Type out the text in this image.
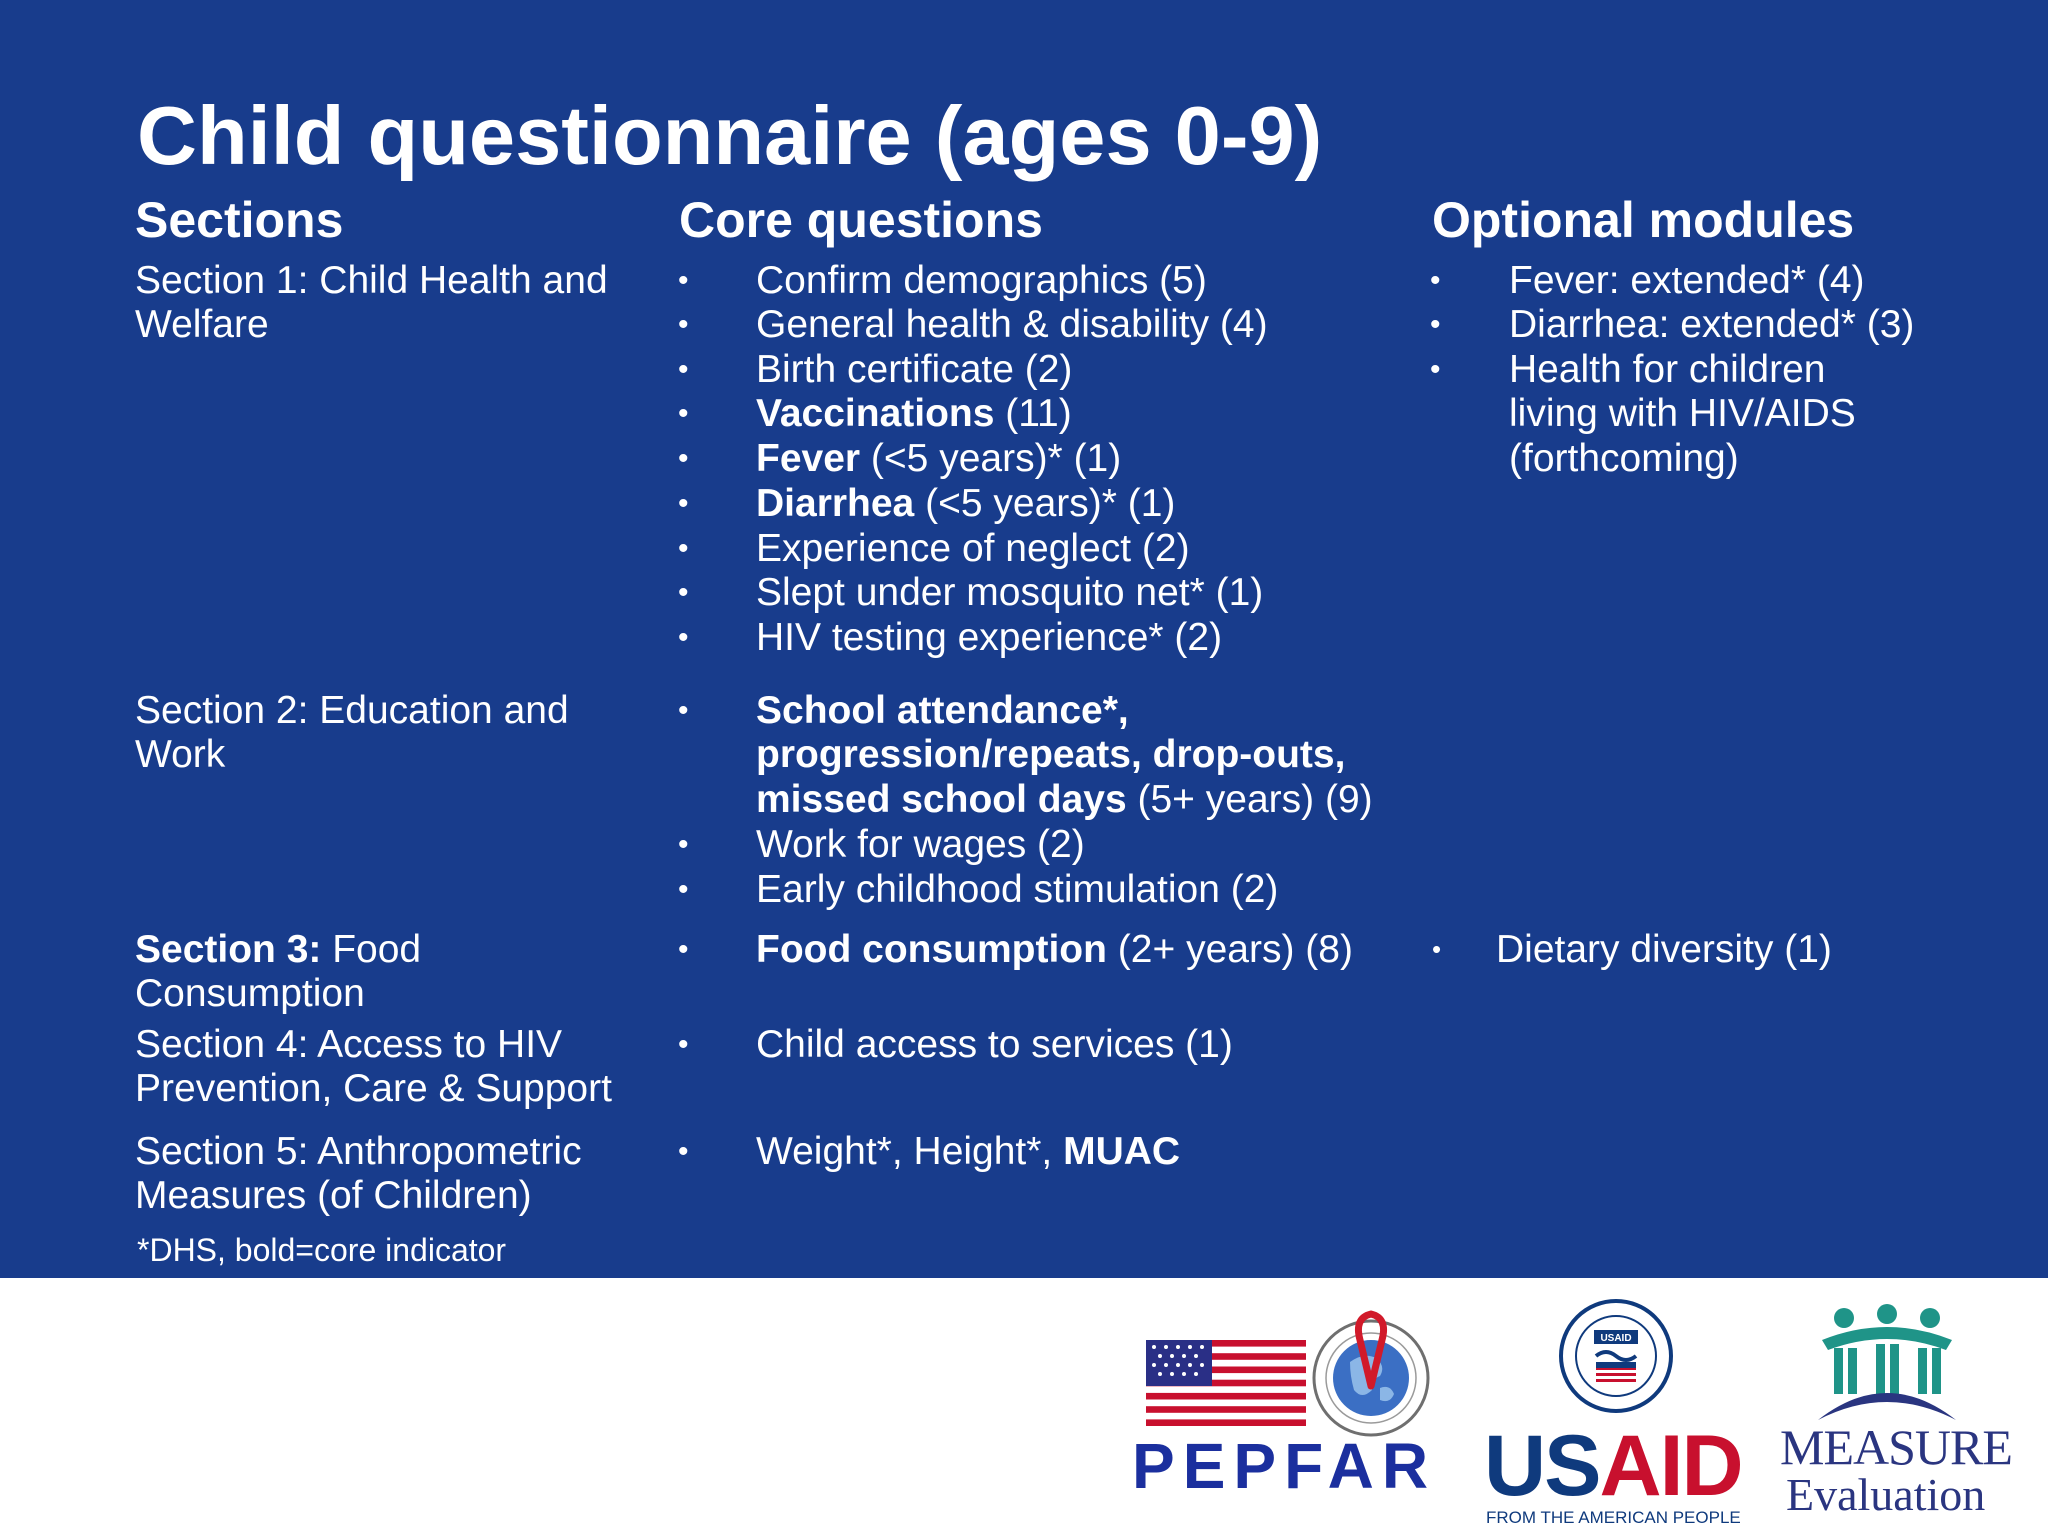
Child questionnaire (ages 0-9)
Sections	Core questions	Optional modules
Section 1: Child Health and
Welfare
Section 2: Education and
Work
Section 3: Food
Consumption
Section 4: Access to HIV
Prevention, Care & Support
Section 5: Anthropometric
Measures (of Children)
• Confirm demographics (5)
• General health & disability (4)
• Birth certificate (2)
• Vaccinations (11)
• Fever (<5 years)* (1)
• Diarrhea (<5 years)* (1)
• Experience of neglect (2)
• Slept under mosquito net* (1)
• HIV testing experience* (2)
• School attendance*,
progression/repeats, drop-outs,
missed school days (5+ years) (9)
• Work for wages (2)
• Early childhood stimulation (2)
• Food consumption (2+ years) (8)
• Child access to services (1)
• Weight*, Height*, MUAC
• Fever: extended* (4)
• Diarrhea: extended* (3)
• Health for children
living with HIV/AIDS
(forthcoming)
• Dietary diversity (1)
*DHS, bold=core indicator
PEPFAR
USAID
USAID
FROM THE AMERICAN PEOPLE
MEASURE
Evaluation
